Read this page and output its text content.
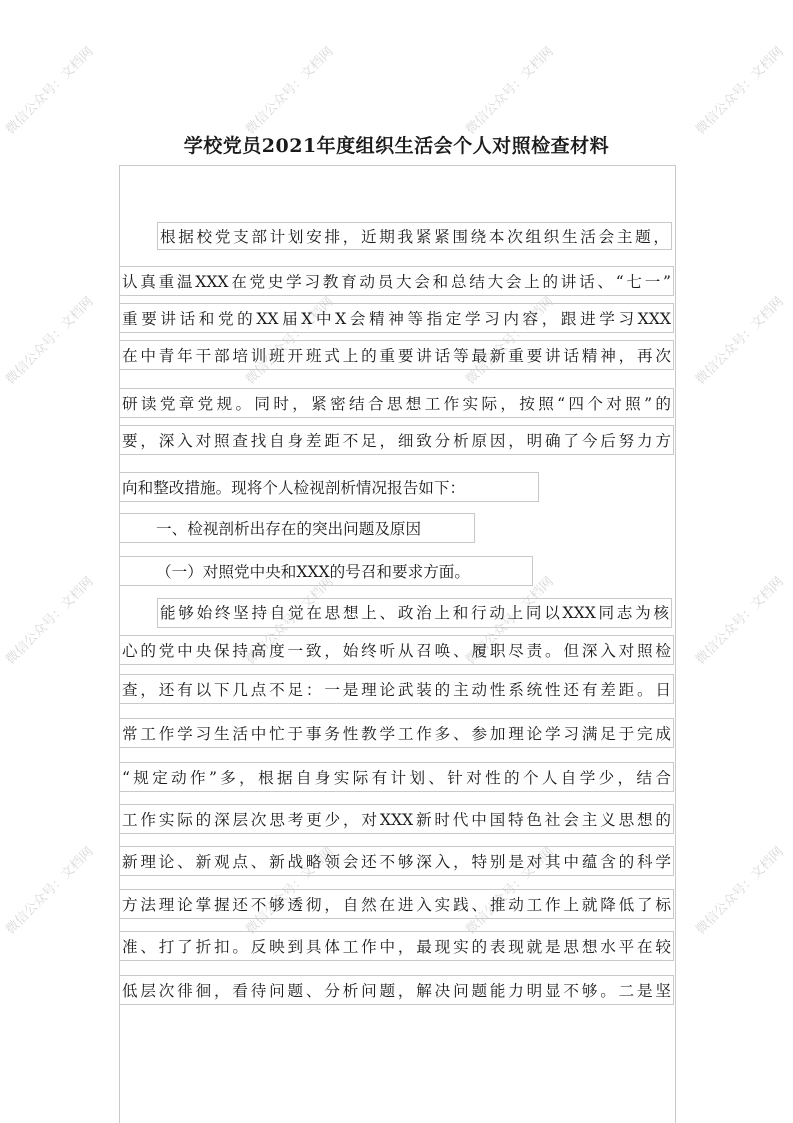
微信公众号：文档网	微信公众号：文档网	微信公众号：文档网	微信公众号：文档网
微信公众号：文档网	微信公众号：文档网	微信公众号：文档网	微信公众号：文档网
微信公众号：文档网	微信公众号：文档网	微信公众号：文档网	微信公众号：文档网
微信公众号：文档网	微信公众号：文档网	微信公众号：文档网	微信公众号：文档网
学校党员2021年度组织生活会个人对照检查材料
根据校党支部计划安排，近期我紧紧围绕本次组织生活会主题，
认真重温XXX在党史学习教育动员大会和总结大会上的讲话、“七一”
重要讲话和党的XX届X中X会精神等指定学习内容，跟进学习XXX
在中青年干部培训班开班式上的重要讲话等最新重要讲话精神，再次
研读党章党规。同时，紧密结合思想工作实际，按照“四个对照”的
要，深入对照查找自身差距不足，细致分析原因，明确了今后努力方
向和整改措施。现将个人检视剖析情况报告如下：
一、检视剖析出存在的突出问题及原因
（一）对照党中央和XXX的号召和要求方面。
能够始终坚持自觉在思想上、政治上和行动上同以XXX同志为核
心的党中央保持高度一致，始终听从召唤、履职尽责。但深入对照检
查，还有以下几点不足：一是理论武装的主动性系统性还有差距。日
常工作学习生活中忙于事务性教学工作多、参加理论学习满足于完成
“规定动作”多，根据自身实际有计划、针对性的个人自学少，结合
工作实际的深层次思考更少，对XXX新时代中国特色社会主义思想的
新理论、新观点、新战略领会还不够深入，特别是对其中蕴含的科学
方法理论掌握还不够透彻，自然在进入实践、推动工作上就降低了标
准、打了折扣。反映到具体工作中，最现实的表现就是思想水平在较
低层次徘徊，看待问题、分析问题，解决问题能力明显不够。二是坚
